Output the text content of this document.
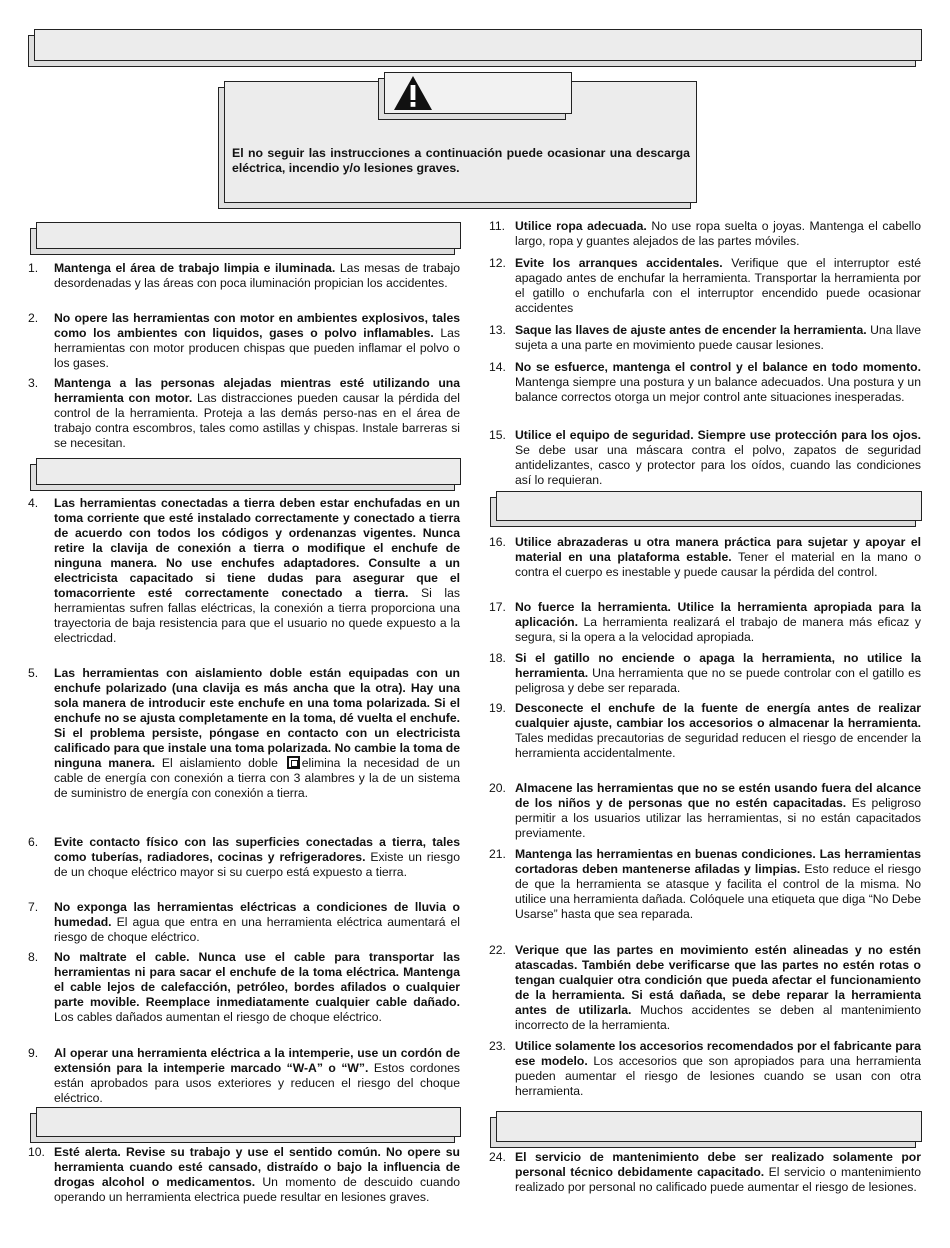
El no seguir las instrucciones a continuación puede ocasionar una descarga eléctrica, incendio y/o lesiones graves.
1. Mantenga el área de trabajo limpia e iluminada. Las mesas de trabajo desordenadas y las áreas con poca iluminación propician los accidentes.
2. No opere las herramientas con motor en ambientes explosivos, tales como los ambientes con liquidos, gases o polvo inflamables. Las herramientas con motor producen chispas que pueden inflamar el polvo o los gases.
3. Mantenga a las personas alejadas mientras esté utilizando una herramienta con motor. Las distracciones pueden causar la pérdida del control de la herramienta. Proteja a las demás perso-nas en el área de trabajo contra escombros, tales como astillas y chispas. Instale barreras si se necesitan.
4. Las herramientas conectadas a tierra deben estar enchufadas en un toma corriente que esté instalado correctamente y conectado a tierra de acuerdo con todos los códigos y ordenanzas vigentes. Nunca retire la clavija de conexión a tierra o modifique el enchufe de ninguna manera. No use enchufes adaptadores. Consulte a un electricista capacitado si tiene dudas para asegurar que el tomacorriente esté correctamente conectado a tierra. Si las herramientas sufren fallas eléctricas, la conexión a tierra proporciona una trayectoria de baja resistencia para que el usuario no quede expuesto a la electricdad.
5. Las herramientas con aislamiento doble están equipadas con un enchufe polarizado (una clavija es más ancha que la otra). Hay una sola manera de introducir este enchufe en una toma polarizada. Si el enchufe no se ajusta completamente en la toma, dé vuelta el enchufe. Si el problema persiste, póngase en contacto con un electricista calificado para que instale una toma polarizada. No cambie la toma de ninguna manera. El aislamiento doble elimina la necesidad de un cable de energía con conexión a tierra con 3 alambres y la de un sistema de suministro de energía con conexión a tierra.
6. Evite contacto físico con las superficies conectadas a tierra, tales como tuberías, radiadores, cocinas y refrigeradores. Existe un riesgo de un choque eléctrico mayor si su cuerpo está expuesto a tierra.
7. No exponga las herramientas eléctricas a condiciones de lluvia o humedad. El agua que entra en una herramienta eléctrica aumentará el riesgo de choque eléctrico.
8. No maltrate el cable. Nunca use el cable para transportar las herramientas ni para sacar el enchufe de la toma eléctrica. Mantenga el cable lejos de calefacción, petróleo, bordes afilados o cualquier parte movible. Reemplace inmediatamente cualquier cable dañado. Los cables dañados aumentan el riesgo de choque eléctrico.
9. Al operar una herramienta eléctrica a la intemperie, use un cordón de extensión para la intemperie marcado “W-A” o “W”. Estos cordones están aprobados para usos exteriores y reducen el riesgo del choque eléctrico.
10. Esté alerta. Revise su trabajo y use el sentido común. No opere su herramienta cuando esté cansado, distraído o bajo la influencia de drogas alcohol o medicamentos. Un momento de descuido cuando operando un herramienta electrica puede resultar en lesiones graves.
11. Utilice ropa adecuada. No use ropa suelta o joyas. Mantenga el cabello largo, ropa y guantes alejados de las partes móviles.
12. Evite los arranques accidentales. Verifique que el interruptor esté apagado antes de enchufar la herramienta. Transportar la herramienta por el gatillo o enchufarla con el interruptor encendido puede ocasionar accidentes
13. Saque las llaves de ajuste antes de encender la herramienta. Una llave sujeta a una parte en movimiento puede causar lesiones.
14. No se esfuerce, mantenga el control y el balance en todo momento. Mantenga siempre una postura y un balance adecuados. Una postura y un balance correctos otorga un mejor control ante situaciones inesperadas.
15. Utilice el equipo de seguridad. Siempre use protección para los ojos. Se debe usar una máscara contra el polvo, zapatos de seguridad antidelizantes, casco y protector para los oídos, cuando las condiciones así lo requieran.
16. Utilice abrazaderas u otra manera práctica para sujetar y apoyar el material en una plataforma estable. Tener el material en la mano o contra el cuerpo es inestable y puede causar la pérdida del control.
17. No fuerce la herramienta. Utilice la herramienta apropiada para la aplicación. La herramienta realizará el trabajo de manera más eficaz y segura, si la opera a la velocidad apropiada.
18. Si el gatillo no enciende o apaga la herramienta, no utilice la herramienta. Una herramienta que no se puede controlar con el gatillo es peligrosa y debe ser reparada.
19. Desconecte el enchufe de la fuente de energía antes de realizar cualquier ajuste, cambiar los accesorios o almacenar la herramienta. Tales medidas precautorias de seguridad reducen el riesgo de encender la herramienta accidentalmente.
20. Almacene las herramientas que no se estén usando fuera del alcance de los niños y de personas que no estén capacitadas. Es peligroso permitir a los usuarios utilizar las herramientas, si no están capacitados previamente.
21. Mantenga las herramientas en buenas condiciones. Las herramientas cortadoras deben mantenerse afiladas y limpias. Esto reduce el riesgo de que la herramienta se atasque y facilita el control de la misma. No utilice una herramienta dañada. Colóquele una etiqueta que diga “No Debe Usarse” hasta que sea reparada.
22. Verique que las partes en movimiento estén alineadas y no estén atascadas. También debe verificarse que las partes no estén rotas o tengan cualquier otra condición que pueda afectar el funcionamiento de la herramienta. Si está dañada, se debe reparar la herramienta antes de utilizarla. Muchos accidentes se deben al mantenimiento incorrecto de la herramienta.
23. Utilice solamente los accesorios recomendados por el fabricante para ese modelo. Los accesorios que son apropiados para una herramienta pueden aumentar el riesgo de lesiones cuando se usan con otra herramienta.
24. El servicio de mantenimiento debe ser realizado solamente por personal técnico debidamente capacitado. El servicio o mantenimiento realizado por personal no calificado puede aumentar el riesgo de lesiones.
